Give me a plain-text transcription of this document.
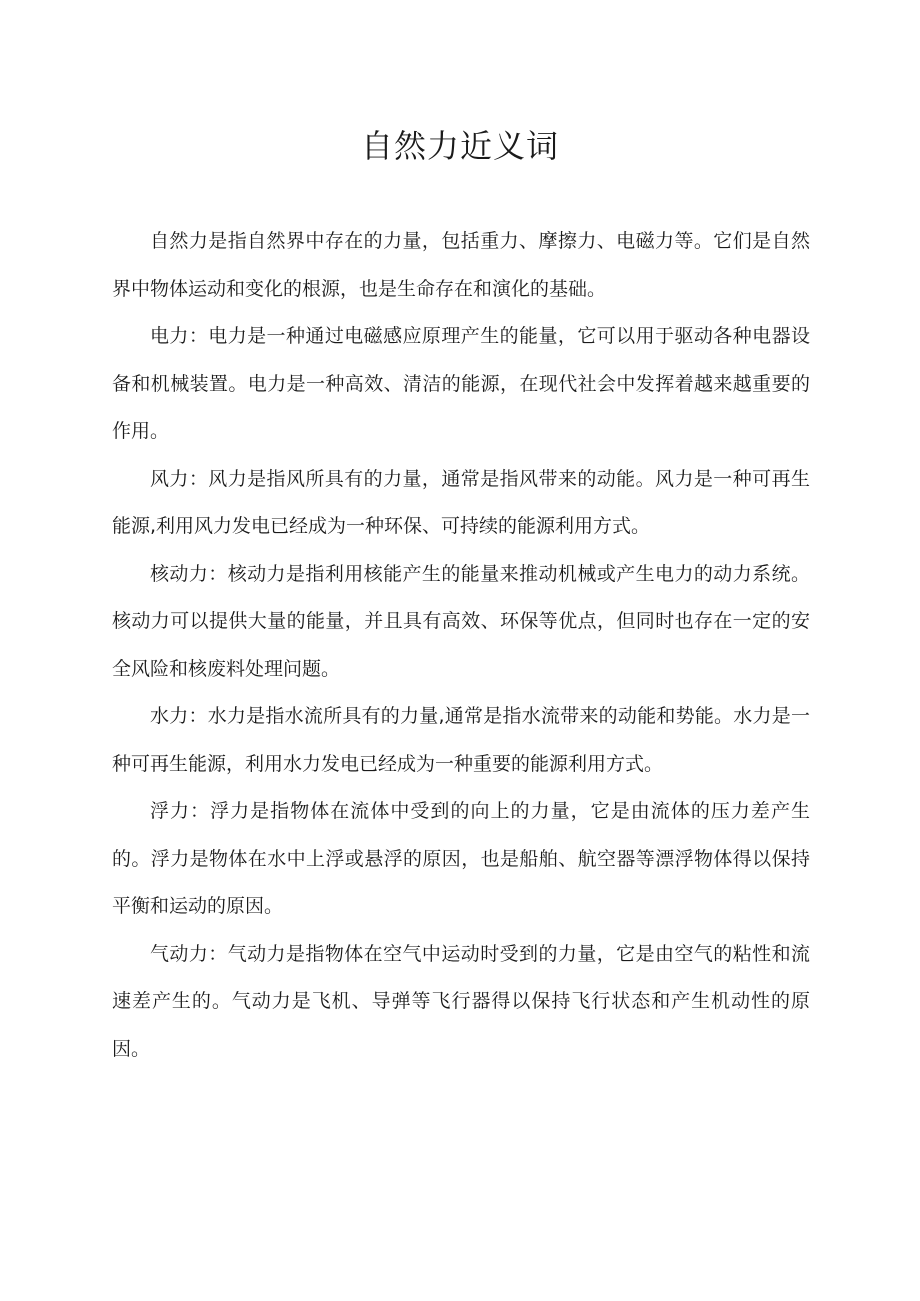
自然力近义词

自然力是指自然界中存在的力量，包括重力、摩擦力、电磁力等。它们是自然界中物体运动和变化的根源，也是生命存在和演化的基础。

电力：电力是一种通过电磁感应原理产生的能量，它可以用于驱动各种电器设备和机械装置。电力是一种高效、清洁的能源，在现代社会中发挥着越来越重要的作用。

风力：风力是指风所具有的力量，通常是指风带来的动能。风力是一种可再生能源,利用风力发电已经成为一种环保、可持续的能源利用方式。

核动力：核动力是指利用核能产生的能量来推动机械或产生电力的动力系统。核动力可以提供大量的能量，并且具有高效、环保等优点，但同时也存在一定的安全风险和核废料处理问题。

水力：水力是指水流所具有的力量,通常是指水流带来的动能和势能。水力是一种可再生能源，利用水力发电已经成为一种重要的能源利用方式。

浮力：浮力是指物体在流体中受到的向上的力量，它是由流体的压力差产生的。浮力是物体在水中上浮或悬浮的原因，也是船舶、航空器等漂浮物体得以保持平衡和运动的原因。

气动力：气动力是指物体在空气中运动时受到的力量，它是由空气的粘性和流速差产生的。气动力是飞机、导弹等飞行器得以保持飞行状态和产生机动性的原因。
